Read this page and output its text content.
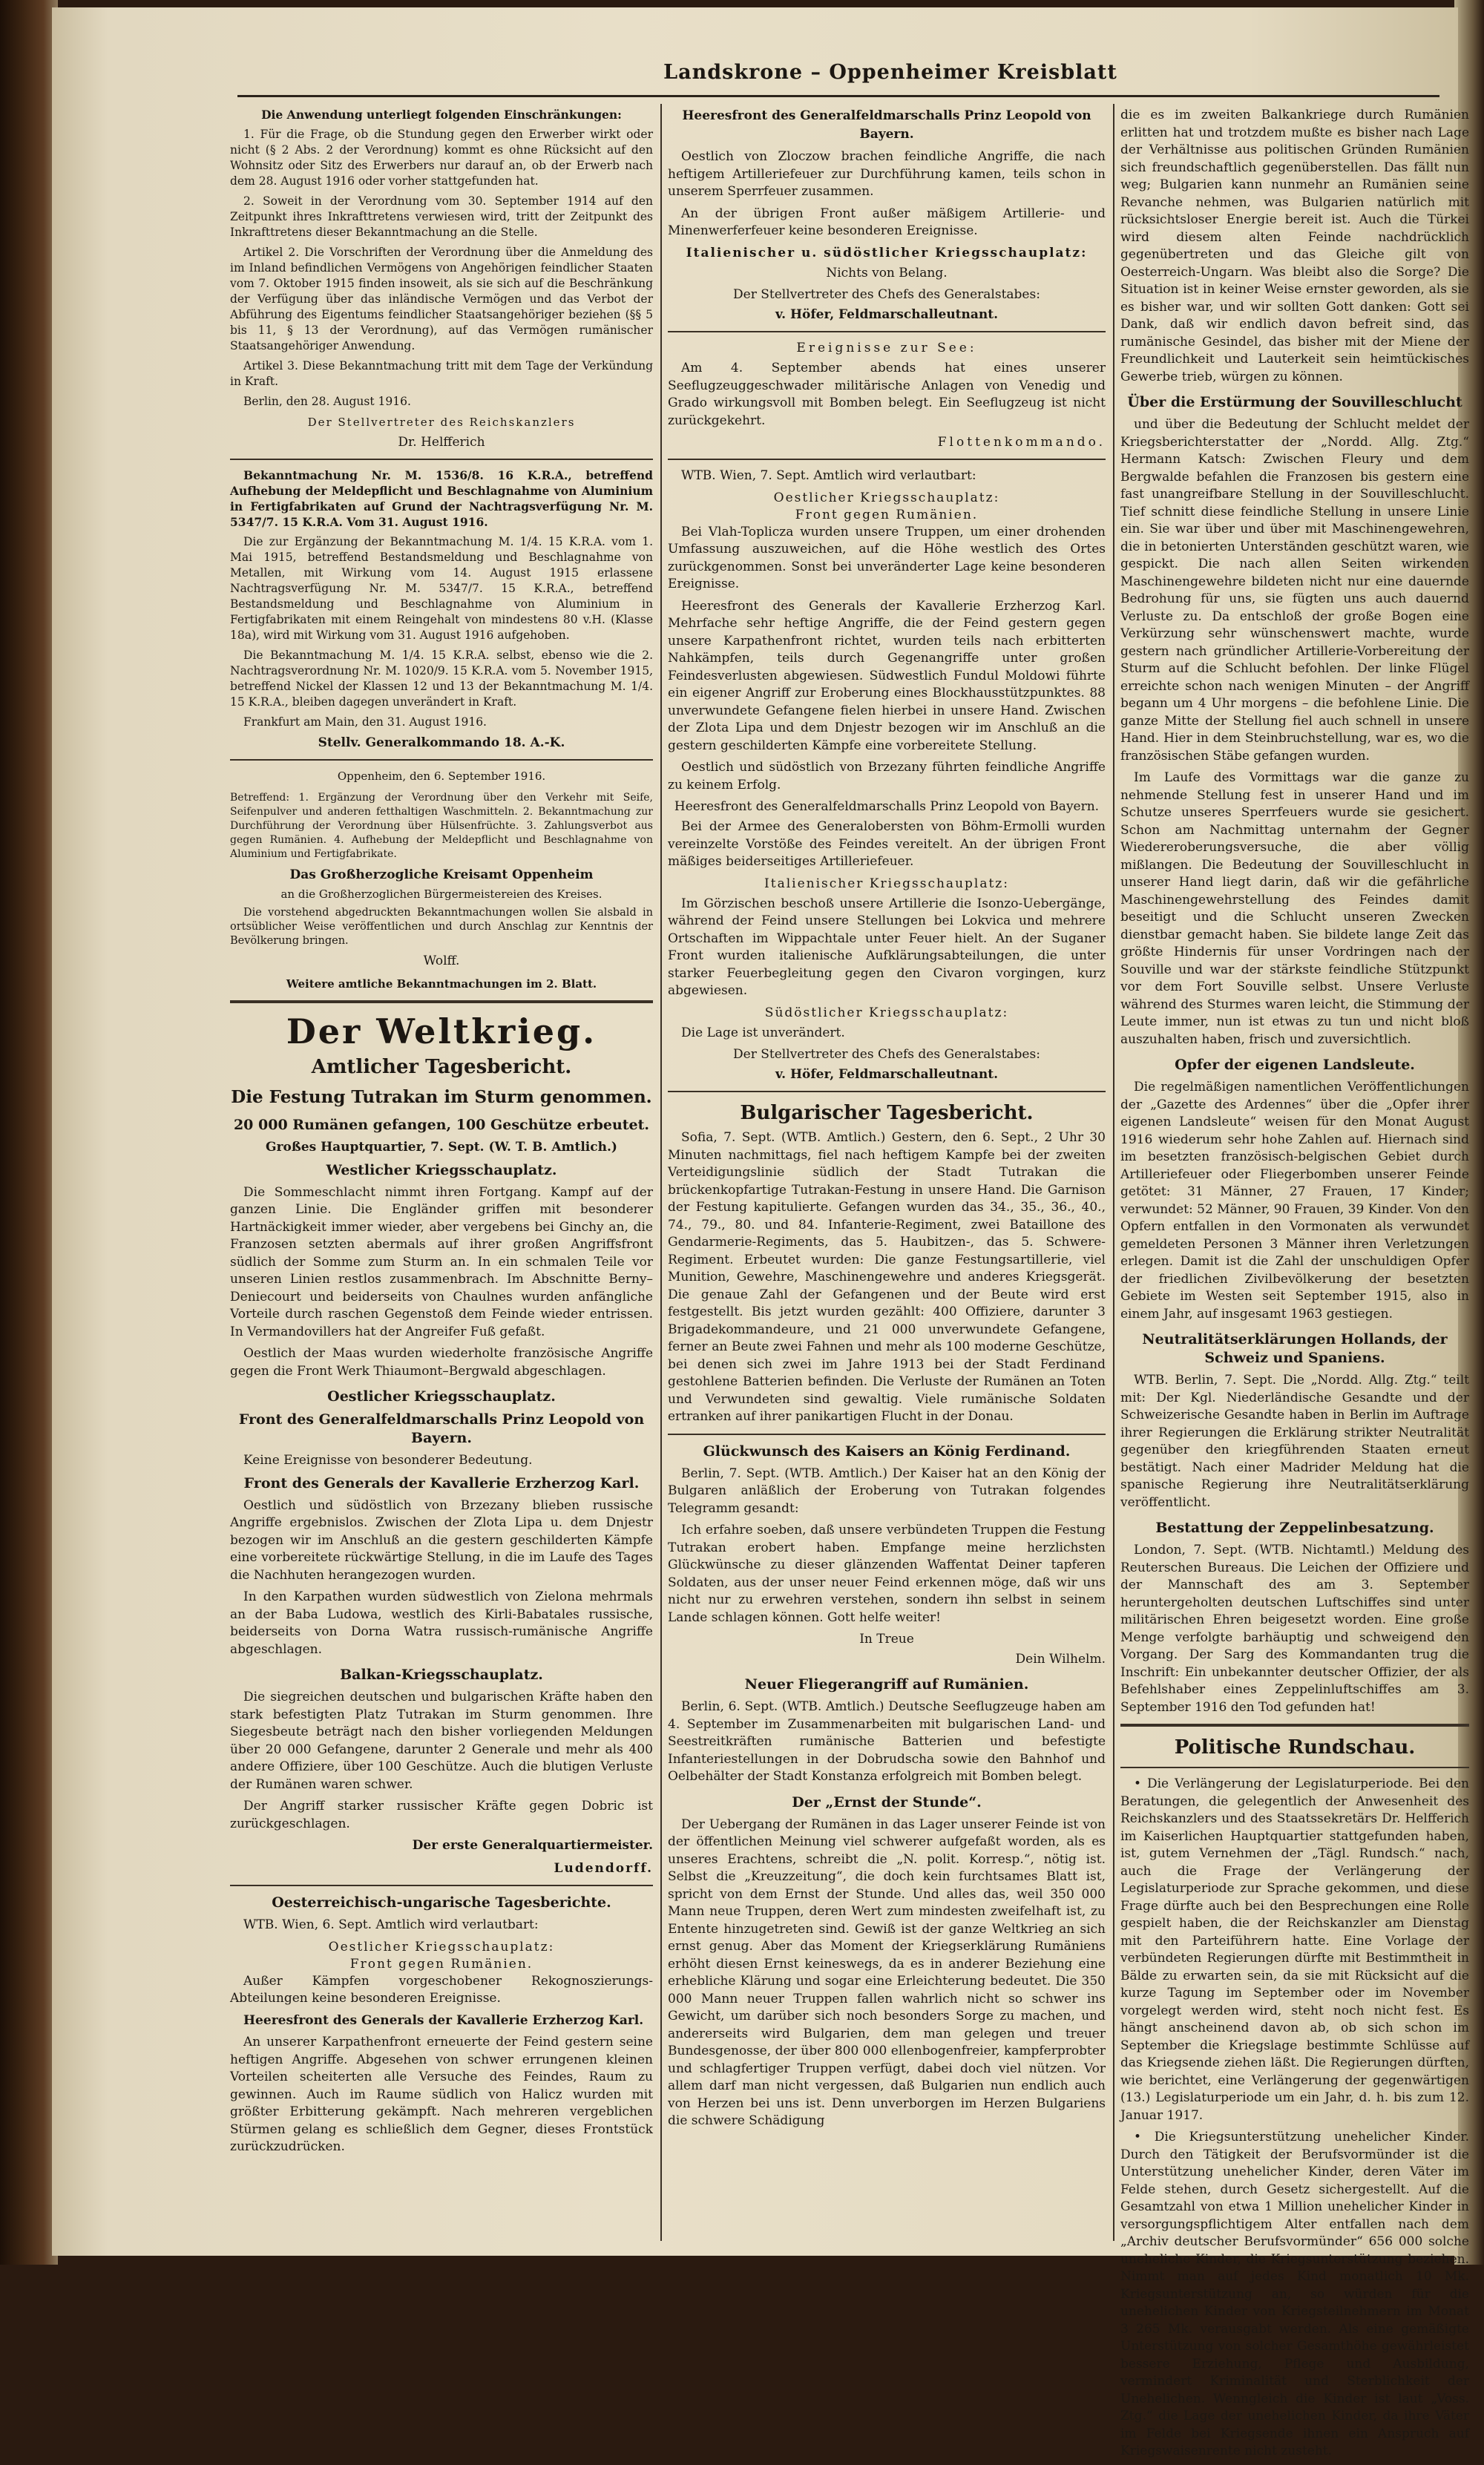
Landskrone – Oppenheimer Kreisblatt

Die Anwendung unterliegt folgenden Einschränkungen:

1. Für die Frage, ob die Stundung gegen den Erwerber wirkt oder nicht (§ 2 Abs. 2 der Verordnung) kommt es ohne Rücksicht auf den Wohnsitz oder Sitz des Erwerbers nur darauf an, ob der Erwerb nach dem 28. August 1916 oder vorher stattgefunden hat.

2. Soweit in der Verordnung vom 30. September 1914 auf den Zeitpunkt ihres Inkrafttretens verwiesen wird, tritt der Zeitpunkt des Inkrafttretens dieser Bekanntmachung an die Stelle.

Artikel 2. Die Vorschriften der Verordnung über die Anmeldung des im Inland befindlichen Vermögens von Angehörigen feindlicher Staaten vom 7. Oktober 1915 finden insoweit, als sie sich auf die Beschränkung der Verfügung über das inländische Vermögen und das Verbot der Abführung des Eigentums feindlicher Staatsangehöriger beziehen (§§ 5 bis 11, § 13 der Verordnung), auf das Vermögen rumänischer Staatsangehöriger Anwendung.

Artikel 3. Diese Bekanntmachung tritt mit dem Tage der Verkündung in Kraft.

Berlin, den 28. August 1916.

Der Stellvertreter des Reichskanzlers
Dr. Helfferich

Bekanntmachung Nr. M. 1536/8. 16 K.R.A., betreffend Aufhebung der Meldepflicht und Beschlagnahme von Aluminium in Fertigfabrikaten auf Grund der Nachtragsverfügung Nr. M. 5347/7. 15 K.R.A. Vom 31. August 1916.

Die zur Ergänzung der Bekanntmachung M. 1/4. 15 K.R.A. vom 1. Mai 1915, betreffend Bestandsmeldung und Beschlagnahme von Metallen, mit Wirkung vom 14. August 1915 erlassene Nachtragsverfügung Nr. M. 5347/7. 15 K.R.A., betreffend Bestandsmeldung und Beschlagnahme von Aluminium in Fertigfabrikaten mit einem Reingehalt von mindestens 80 v.H. (Klasse 18a), wird mit Wirkung vom 31. August 1916 aufgehoben.

Die Bekanntmachung M. 1/4. 15 K.R.A. selbst, ebenso wie die 2. Nachtragsverordnung Nr. M. 1020/9. 15 K.R.A. vom 5. November 1915, betreffend Nickel der Klassen 12 und 13 der Bekanntmachung M. 1/4. 15 K.R.A., bleiben dagegen unverändert in Kraft.

Frankfurt am Main, den 31. August 1916.

Stellv. Generalkommando 18. A.-K.
Oppenheim, den 6. September 1916.

Betreffend: 1. Ergänzung der Verordnung über den Verkehr mit Seife, Seifenpulver und anderen fetthaltigen Waschmitteln. 2. Bekanntmachung zur Durchführung der Verordnung über Hülsenfrüchte. 3. Zahlungsverbot aus gegen Rumänien. 4. Aufhebung der Meldepflicht und Beschlagnahme von Aluminium und Fertigfabrikate.

Das Großherzogliche Kreisamt Oppenheim
an die Großherzoglichen Bürgermeistereien des Kreises.

Die vorstehend abgedruckten Bekanntmachungen wollen Sie alsbald in ortsüblicher Weise veröffentlichen und durch Anschlag zur Kenntnis der Bevölkerung bringen.

Wolff.
Weitere amtliche Bekanntmachungen im 2. Blatt.
Der Weltkrieg.
Amtlicher Tagesbericht.
Die Festung Tutrakan im Sturm genommen.
20 000 Rumänen gefangen, 100 Geschütze erbeutet.

Großes Hauptquartier, 7. Sept. (W. T. B. Amtlich.)

Westlicher Kriegsschauplatz.

Die Sommeschlacht nimmt ihren Fortgang. Kampf auf der ganzen Linie. Die Engländer griffen mit besonderer Hartnäckigkeit immer wieder, aber vergebens bei Ginchy an, die Franzosen setzten abermals auf ihrer großen Angriffsfront südlich der Somme zum Sturm an. In ein schmalen Teile vor unseren Linien restlos zusammenbrach. Im Abschnitte Berny–Deniecourt und beiderseits von Chaulnes wurden anfängliche Vorteile durch raschen Gegenstoß dem Feinde wieder entrissen. In Vermandovillers hat der Angreifer Fuß gefaßt.

Oestlich der Maas wurden wiederholte französische Angriffe gegen die Front Werk Thiaumont–Bergwald abgeschlagen.

Oestlicher Kriegsschauplatz.
Front des Generalfeldmarschalls Prinz Leopold von Bayern.

Keine Ereignisse von besonderer Bedeutung.

Front des Generals der Kavallerie Erzherzog Karl.

Oestlich und südöstlich von Brzezany blieben russische Angriffe ergebnislos. Zwischen der Zlota Lipa u. dem Dnjestr bezogen wir im Anschluß an die gestern geschilderten Kämpfe eine vorbereitete rückwärtige Stellung, in die im Laufe des Tages die Nachhuten herangezogen wurden.

In den Karpathen wurden südwestlich von Zielona mehrmals an der Baba Ludowa, westlich des Kirli-Babatales russische, beiderseits von Dorna Watra russisch-rumänische Angriffe abgeschlagen.

Balkan-Kriegsschauplatz.

Die siegreichen deutschen und bulgarischen Kräfte haben den stark befestigten Platz Tutrakan im Sturm genommen. Ihre Siegesbeute beträgt nach den bisher vorliegenden Meldungen über 20 000 Gefangene, darunter 2 Generale und mehr als 400 andere Offiziere, über 100 Geschütze. Auch die blutigen Verluste der Rumänen waren schwer.

Der Angriff starker russischer Kräfte gegen Dobric ist zurückgeschlagen.

Der erste Generalquartiermeister.
Ludendorff.
Oesterreichisch-ungarische Tagesberichte.

WTB. Wien, 6. Sept. Amtlich wird verlautbart:

Oestlicher Kriegsschauplatz:
Front gegen Rumänien.

Außer Kämpfen vorgeschobener Rekognoszierungs-Abteilungen keine besonderen Ereignisse.

Heeresfront des Generals der Kavallerie Erzherzog Karl.

An unserer Karpathenfront erneuerte der Feind gestern seine heftigen Angriffe. Abgesehen von schwer errungenen kleinen Vorteilen scheiterten alle Versuche des Feindes, Raum zu gewinnen. Auch im Raume südlich von Halicz wurden mit größter Erbitterung gekämpft. Nach mehreren vergeblichen Stürmen gelang es schließlich dem Gegner, dieses Frontstück zurückzudrücken.

Heeresfront des Generalfeldmarschalls Prinz Leopold von Bayern.

Oestlich von Zloczow brachen feindliche Angriffe, die nach heftigem Artilleriefeuer zur Durchführung kamen, teils schon in unserem Sperrfeuer zusammen.

An der übrigen Front außer mäßigem Artillerie- und Minenwerferfeuer keine besonderen Ereignisse.

Italienischer u. südöstlicher Kriegsschauplatz:

Nichts von Belang.

Der Stellvertreter des Chefs des Generalstabes:
v. Höfer, Feldmarschalleutnant.
Ereignisse zur See:

Am 4. September abends hat eines unserer Seeflugzeuggeschwader militärische Anlagen von Venedig und Grado wirkungsvoll mit Bomben belegt. Ein Seeflugzeug ist nicht zurückgekehrt.

Flottenkommando.

WTB. Wien, 7. Sept. Amtlich wird verlautbart:

Oestlicher Kriegsschauplatz:
Front gegen Rumänien.

Bei Vlah-Toplicza wurden unsere Truppen, um einer drohenden Umfassung auszuweichen, auf die Höhe westlich des Ortes zurückgenommen. Sonst bei unveränderter Lage keine besonderen Ereignisse.

Heeresfront des Generals der Kavallerie Erzherzog Karl. Mehrfache sehr heftige Angriffe, die der Feind gestern gegen unsere Karpathenfront richtet, wurden teils nach erbitterten Nahkämpfen, teils durch Gegenangriffe unter großen Feindesverlusten abgewiesen. Südwestlich Fundul Moldowi führte ein eigener Angriff zur Eroberung eines Blockhausstützpunktes. 88 unverwundete Gefangene fielen hierbei in unsere Hand. Zwischen der Zlota Lipa und dem Dnjestr bezogen wir im Anschluß an die gestern geschilderten Kämpfe eine vorbereitete Stellung.

Oestlich und südöstlich von Brzezany führten feindliche Angriffe zu keinem Erfolg.

Heeresfront des Generalfeldmarschalls Prinz Leopold von Bayern.

Bei der Armee des Generalobersten von Böhm-Ermolli wurden vereinzelte Vorstöße des Feindes vereitelt. An der übrigen Front mäßiges beiderseitiges Artilleriefeuer.

Italienischer Kriegsschauplatz:

Im Görzischen beschoß unsere Artillerie die Isonzo-Uebergänge, während der Feind unsere Stellungen bei Lokvica und mehrere Ortschaften im Wippachtale unter Feuer hielt. An der Suganer Front wurden italienische Aufklärungsabteilungen, die unter starker Feuerbegleitung gegen den Civaron vorgingen, kurz abgewiesen.

Südöstlicher Kriegsschauplatz:

Die Lage ist unverändert.

Der Stellvertreter des Chefs des Generalstabes:
v. Höfer, Feldmarschalleutnant.
Bulgarischer Tagesbericht.

Sofia, 7. Sept. (WTB. Amtlich.) Gestern, den 6. Sept., 2 Uhr 30 Minuten nachmittags, fiel nach heftigem Kampfe bei der zweiten Verteidigungslinie südlich der Stadt Tutrakan die brückenkopfartige Tutrakan-Festung in unsere Hand. Die Garnison der Festung kapitulierte. Gefangen wurden das 34., 35., 36., 40., 74., 79., 80. und 84. Infanterie-Regiment, zwei Bataillone des Gendarmerie-Regiments, das 5. Haubitzen-, das 5. Schwere-Regiment. Erbeutet wurden: Die ganze Festungsartillerie, viel Munition, Gewehre, Maschinengewehre und anderes Kriegsgerät. Die genaue Zahl der Gefangenen und der Beute wird erst festgestellt. Bis jetzt wurden gezählt: 400 Offiziere, darunter 3 Brigadekommandeure, und 21 000 unverwundete Gefangene, ferner an Beute zwei Fahnen und mehr als 100 moderne Geschütze, bei denen sich zwei im Jahre 1913 bei der Stadt Ferdinand gestohlene Batterien befinden. Die Verluste der Rumänen an Toten und Verwundeten sind gewaltig. Viele rumänische Soldaten ertranken auf ihrer panikartigen Flucht in der Donau.

Glückwunsch des Kaisers an König Ferdinand.

Berlin, 7. Sept. (WTB. Amtlich.) Der Kaiser hat an den König der Bulgaren anläßlich der Eroberung von Tutrakan folgendes Telegramm gesandt:

Ich erfahre soeben, daß unsere verbündeten Truppen die Festung Tutrakan erobert haben. Empfange meine herzlichsten Glückwünsche zu dieser glänzenden Waffentat Deiner tapferen Soldaten, aus der unser neuer Feind erkennen möge, daß wir uns nicht nur zu erwehren verstehen, sondern ihn selbst in seinem Lande schlagen können. Gott helfe weiter!

In Treue
Dein Wilhelm.
Neuer Fliegerangriff auf Rumänien.

Berlin, 6. Sept. (WTB. Amtlich.) Deutsche Seeflugzeuge haben am 4. September im Zusammenarbeiten mit bulgarischen Land- und Seestreitkräften rumänische Batterien und befestigte Infanteriestellungen in der Dobrudscha sowie den Bahnhof und Oelbehälter der Stadt Konstanza erfolgreich mit Bomben belegt.

Der „Ernst der Stunde“.

Der Uebergang der Rumänen in das Lager unserer Feinde ist von der öffentlichen Meinung viel schwerer aufgefaßt worden, als es unseres Erachtens, schreibt die „N. polit. Korresp.“, nötig ist. Selbst die „Kreuzzeitung“, die doch kein furchtsames Blatt ist, spricht von dem Ernst der Stunde. Und alles das, weil 350 000 Mann neue Truppen, deren Wert zum mindesten zweifelhaft ist, zu Entente hinzugetreten sind. Gewiß ist der ganze Weltkrieg an sich ernst genug. Aber das Moment der Kriegserklärung Rumäniens erhöht diesen Ernst keineswegs, da es in anderer Beziehung eine erhebliche Klärung und sogar eine Erleichterung bedeutet. Die 350 000 Mann neuer Truppen fallen wahrlich nicht so schwer ins Gewicht, um darüber sich noch besonders Sorge zu machen, und andererseits wird Bulgarien, dem man gelegen und treuer Bundesgenosse, der über 800 000 ellenbogenfreier, kampferprobter und schlagfertiger Truppen verfügt, dabei doch viel nützen. Vor allem darf man nicht vergessen, daß Bulgarien nun endlich auch von Herzen bei uns ist. Denn unverborgen im Herzen Bulgariens die schwere Schädigung

die es im zweiten Balkankriege durch Rumänien erlitten hat und trotzdem mußte es bisher nach Lage der Verhältnisse aus politischen Gründen Rumänien sich freundschaftlich gegenüberstellen. Das fällt nun weg; Bulgarien kann nunmehr an Rumänien seine Revanche nehmen, was Bulgarien natürlich mit rücksichtsloser Energie bereit ist. Auch die Türkei wird diesem alten Feinde nachdrücklich gegenübertreten und das Gleiche gilt von Oesterreich-Ungarn. Was bleibt also die Sorge? Die Situation ist in keiner Weise ernster geworden, als sie es bisher war, und wir sollten Gott danken: Gott sei Dank, daß wir endlich davon befreit sind, das rumänische Gesindel, das bisher mit der Miene der Freundlichkeit und Lauterkeit sein heimtückisches Gewerbe trieb, würgen zu können.

Über die Erstürmung der Souvilleschlucht

und über die Bedeutung der Schlucht meldet der Kriegsberichterstatter der „Nordd. Allg. Ztg.“ Hermann Katsch: Zwischen Fleury und dem Bergwalde befahlen die Franzosen bis gestern eine fast unangreifbare Stellung in der Souvilleschlucht. Tief schnitt diese feindliche Stellung in unsere Linie ein. Sie war über und über mit Maschinengewehren, die in betonierten Unterständen geschützt waren, wie gespickt. Die nach allen Seiten wirkenden Maschinengewehre bildeten nicht nur eine dauernde Bedrohung für uns, sie fügten uns auch dauernd Verluste zu. Da entschloß der große Bogen eine Verkürzung sehr wünschenswert machte, wurde gestern nach gründlicher Artillerie-Vorbereitung der Sturm auf die Schlucht befohlen. Der linke Flügel erreichte schon nach wenigen Minuten – der Angriff begann um 4 Uhr morgens – die befohlene Linie. Die ganze Mitte der Stellung fiel auch schnell in unsere Hand. Hier in dem Steinbruchstellung, war es, wo die französischen Stäbe gefangen wurden.

Im Laufe des Vormittags war die ganze zu nehmende Stellung fest in unserer Hand und im Schutze unseres Sperrfeuers wurde sie gesichert. Schon am Nachmittag unternahm der Gegner Wiedereroberungsversuche, die aber völlig mißlangen. Die Bedeutung der Souvilleschlucht in unserer Hand liegt darin, daß wir die gefährliche Maschinengewehrstellung des Feindes damit beseitigt und die Schlucht unseren Zwecken dienstbar gemacht haben. Sie bildete lange Zeit das größte Hindernis für unser Vordringen nach der Souville und war der stärkste feindliche Stützpunkt vor dem Fort Souville selbst. Unsere Verluste während des Sturmes waren leicht, die Stimmung der Leute immer, nun ist etwas zu tun und nicht bloß auszuhalten haben, frisch und zuversichtlich.

Opfer der eigenen Landsleute.

Die regelmäßigen namentlichen Veröffentlichungen der „Gazette des Ardennes“ über die „Opfer ihrer eigenen Landsleute“ weisen für den Monat August 1916 wiederum sehr hohe Zahlen auf. Hiernach sind im besetzten französisch-belgischen Gebiet durch Artilleriefeuer oder Fliegerbomben unserer Feinde getötet: 31 Männer, 27 Frauen, 17 Kinder; verwundet: 52 Männer, 90 Frauen, 39 Kinder. Von den Opfern entfallen in den Vormonaten als verwundet gemeldeten Personen 3 Männer ihren Verletzungen erlegen. Damit ist die Zahl der unschuldigen Opfer der friedlichen Zivilbevölkerung der besetzten Gebiete im Westen seit September 1915, also in einem Jahr, auf insgesamt 1963 gestiegen.

Neutralitätserklärungen Hollands, der Schweiz und Spaniens.

WTB. Berlin, 7. Sept. Die „Nordd. Allg. Ztg.“ teilt mit: Der Kgl. Niederländische Gesandte und der Schweizerische Gesandte haben in Berlin im Auftrage ihrer Regierungen die Erklärung strikter Neutralität gegenüber den kriegführenden Staaten erneut bestätigt. Nach einer Madrider Meldung hat die spanische Regierung ihre Neutralitätserklärung veröffentlicht.

Bestattung der Zeppelinbesatzung.

London, 7. Sept. (WTB. Nichtamtl.) Meldung des Reuterschen Bureaus. Die Leichen der Offiziere und der Mannschaft des am 3. September heruntergeholten deutschen Luftschiffes sind unter militärischen Ehren beigesetzt worden. Eine große Menge verfolgte barhäuptig und schweigend den Vorgang. Der Sarg des Kommandanten trug die Inschrift: Ein unbekannter deutscher Offizier, der als Befehlshaber eines Zeppelinluftschiffes am 3. September 1916 den Tod gefunden hat!

Politische Rundschau.

• Die Verlängerung der Legislaturperiode. Bei den Beratungen, die gelegentlich der Anwesenheit des Reichskanzlers und des Staatssekretärs Dr. Helfferich im Kaiserlichen Hauptquartier stattgefunden haben, ist, gutem Vernehmen der „Tägl. Rundsch.“ nach, auch die Frage der Verlängerung der Legislaturperiode zur Sprache gekommen, und diese Frage dürfte auch bei den Besprechungen eine Rolle gespielt haben, die der Reichskanzler am Dienstag mit den Parteiführern hatte. Eine Vorlage der verbündeten Regierungen dürfte mit Bestimmtheit in Bälde zu erwarten sein, da sie mit Rücksicht auf die kurze Tagung im September oder im November vorgelegt werden wird, steht noch nicht fest. Es hängt anscheinend davon ab, ob sich schon im September die Kriegslage bestimmte Schlüsse auf das Kriegsende ziehen läßt. Die Regierungen dürften, wie berichtet, eine Verlängerung der gegenwärtigen (13.) Legislaturperiode um ein Jahr, d. h. bis zum 12. Januar 1917.

• Die Kriegsunterstützung unehelicher Kinder. Durch den Tätigkeit der Berufsvormünder ist die Unterstützung unehelicher Kinder, deren Väter im Felde stehen, durch Gesetz sichergestellt. Auf die Gesamtzahl von etwa 1 Million unehelicher Kinder in versorgungspflichtigem Alter entfallen nach dem „Archiv deutscher Berufsvormünder“ 656 000 solche uneheliche Kinder, die Kriegsunterstützung beziehen. Nimmt man auf jedes Kind monatlich 10 Mk. Kriegsunterstützung an, so würden für die unehelichen Kinder von Kriegsteilnehmern im Monat 3 265 Mk. verausgabt werden. Als eine gemäßigte Unterstützung von solcher Gesamthöhe gewährleistet bessere Erziehung, Pflege und Ausbildung, vermindert Kriminalität und Sterblichkeit der Unehelichen. Wenngleich die Kinder ist laut „Voss. Ztg.“ die Lage der unehelichen Kinder, da ihre Väter im Felde bei Kriegsende ihnen ein Anspruch auf Kriegswaisenrente nicht zusteht.
